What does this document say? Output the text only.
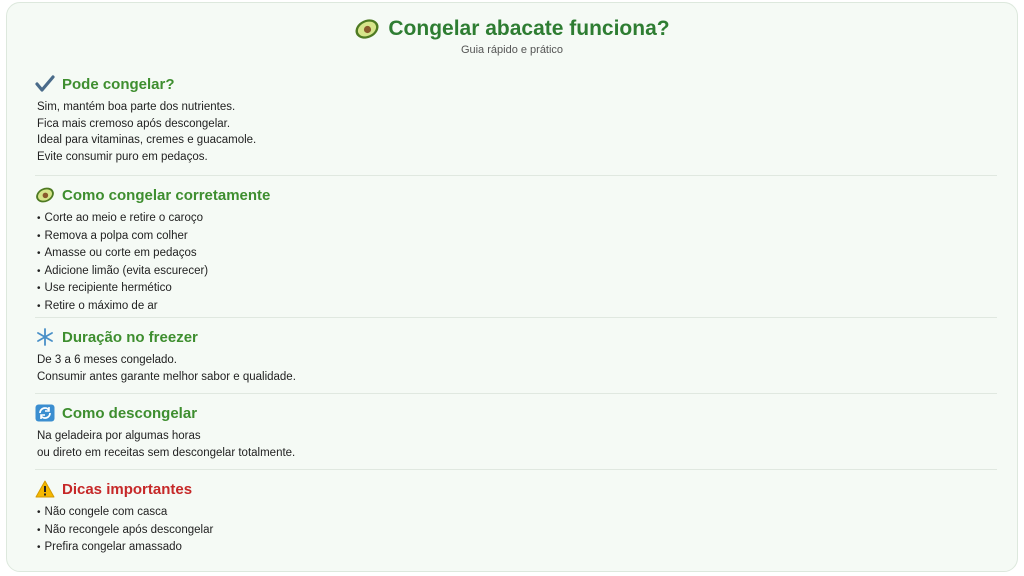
Congelar abacate funciona?
Guia rápido e prático
Pode congelar?
Sim, mantém boa parte dos nutrientes.
Fica mais cremoso após descongelar.
Ideal para vitaminas, cremes e guacamole.
Evite consumir puro em pedaços.
Como congelar corretamente
• Corte ao meio e retire o caroço
• Remova a polpa com colher
• Amasse ou corte em pedaços
• Adicione limão (evita escurecer)
• Use recipiente hermético
• Retire o máximo de ar
Duração no freezer
De 3 a 6 meses congelado.
Consumir antes garante melhor sabor e qualidade.
Como descongelar
Na geladeira por algumas horas
ou direto em receitas sem descongelar totalmente.
Dicas importantes
• Não congele com casca
• Não recongele após descongelar
• Prefira congelar amassado
